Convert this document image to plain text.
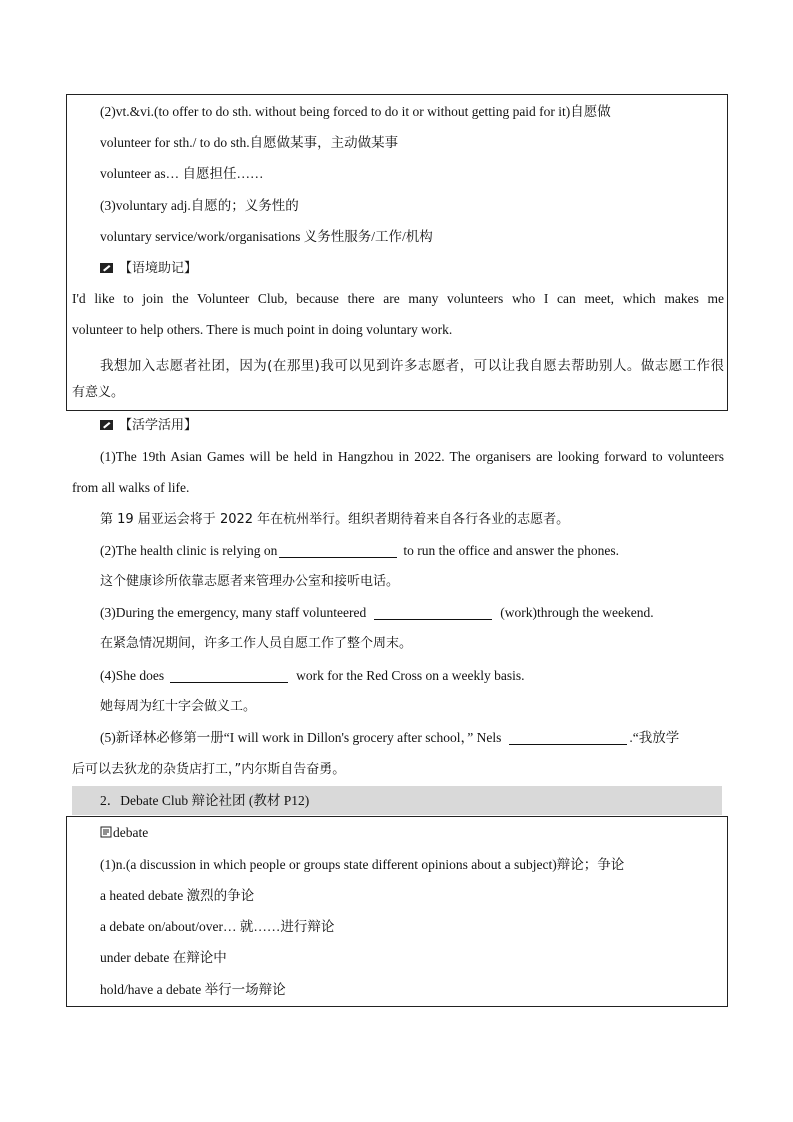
(2)vt.&vi.(to offer to do sth. without being forced to do it or without getting paid for it)自愿做
volunteer for sth./ to do sth.自愿做某事，主动做某事
volunteer as… 自愿担任……
(3)voluntary adj.自愿的；义务性的
voluntary service/work/organisations 义务性服务/工作/机构
【语境助记】
I'd like to join the Volunteer Club, because there are many volunteers who I can meet, which makes me
volunteer to help others. There is much point in doing voluntary work.
我想加入志愿者社团，因为(在那里)我可以见到许多志愿者，可以让我自愿去帮助别人。做志愿工作很
有意义。
【活学活用】
(1)The 19th Asian Games will be held in Hangzhou in 2022. The organisers are looking forward to volunteers
from all walks of life.
第 19 届亚运会将于 2022 年在杭州举行。组织者期待着来自各行各业的志愿者。
(2)The health clinic is relying on	to run the office and answer the phones.
这个健康诊所依靠志愿者来管理办公室和接听电话。
(3)During the emergency, many staff volunteered	(work)through the weekend.
在紧急情况期间，许多工作人员自愿工作了整个周末。
(4)She does	work for the Red Cross on a weekly basis.
她每周为红十字会做义工。
(5)新译林必修第一册“I will work in Dillon's grocery after school，” Nels	.“我放学
后可以去狄龙的杂货店打工，”内尔斯自告奋勇。
2．Debate Club 辩论社团 (教材 P12)
debate
(1)n.(a discussion in which people or groups state different opinions about a subject)辩论；争论
a heated debate 激烈的争论
a debate on/about/over… 就……进行辩论
under debate 在辩论中
hold/have a debate 举行一场辩论
